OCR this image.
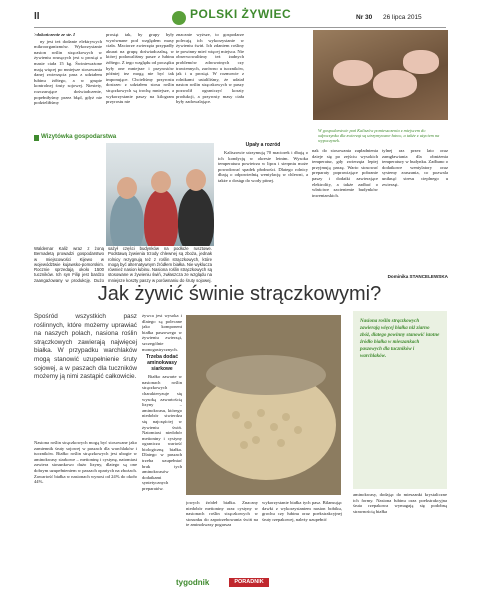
II	POLSKI ŻYWIEC	Nr 30 26 lipca 2015

>dokończenie ze str. I

ny jest też dodanie elektrywych mikroorganizmów. Wykorzystanie nasion roślin strączkowych w żywieniu rosnących jest u prosiąt o masie ciała 15 kg. Świnieważone mają więcej po mniejsze stosowania danej zwierzęcia pasz z udziałem łubinu żółtego, a w grupie kontrolnej śruty sojowej. Niestety, rozczarujące doświadczenie, popełniłyśmy przez błąd, gdyż nie podzieliłiśmy

Wizytówka gospodarstwa

Waldemar Kaliż wraz z żoną Bernadetą prowadzi gospodarstwo w miejscowości Kijewo w województwie kujawsko-pomorskim. Rocznie sprzedają około 1500 tuczników. Ich syn Filip jest bardzo zaangażowany w produkcję. Dużo

sażył części budynków na podłoże rusztowe. Podstawą żywienia trzody chlewnej są zboża, jednak rolnicy rezygnują też z roślin strączkowych, które mogą być alternatywnym źródłem białka. Nie wyklucza również nasion łubinu. Nasiona roślin strączkowych są stosowane w żywieniu świń, zwłaszcza ze wzglądu na mniejsze koszty paszy w porównaniu do śruty sojowej.

prosiąt tak, by grupy były wyrównane pod względem masy ciała. Maciorze zwierzęta przypadły akurat na grupę doświadczalną, w której podawaliśmy pasze z łubinu żółtego. Z tego względu od początku były one mniejsze i przyrostów później tez mogą nie być tak imponujące. Chcieliśmy przyrostu dostrzec z udziałem stosu roślin strączkowych są trochę mniejsze, a wykorzystanie paszy na kilogram przyrostu nie

znacznie wyższe, to gospodarze polecają ich wykorzystanie w żywieniu świń. Ich zdaniem rośliny te powinny mieć więcej miejsca. Nie obserwowaliśmy też żadnych problemów zdrowotnych czy trawiennych, zarówno u tuczników, jak i u prosiąt. W rozmowie z rolnikami ustaliliśmy, że udział nasion roślin strączkowych w paszy pozwolił ograniczyć koszty produkcji, a przyrosty masy ciała były zadowalające.

Upały a rozród

Kaliszowie utrzymują 70 maciorek i dbają o ich kondycję w okresie letnim. Wysoka temperatura powietrza w lipcu i sierpniu może powodować spadek płodności. Dlatego rolnicy dbają o odpowiednią wentylację w chlewni, a także o dostęp do wody pitnej.

W gospodarstwie pań Kaliszów pomieszczenia z miejscem do odpoczynku dla zwierząt są utrzymywane łatwo, a także z użyciem na wypoczynek.

nak do stosowania zapładnienia dzieje się po zejściu wysokich temperatur, gdy zwierzęta lepiej przyjmują paszę. Warto stosować preparaty poprawiające pobranie paszy i dodatki zawierające elektrolity, a także zadbać o właściwe zacienienie budynków inwentarskich.

tylnej raz przez lato oraz zamgławiania dla obniżenia temperatury w budynku. Zadbano o dodatkowe wentylatory oraz systemy zraszania, co pozwala uniknąć stresu cieplnego u zwierząt.

Dominika STANCELEWSKA
Jak żywić świnie strączkowymi?
Spośród wszystkich pasz roślinnych, które możemy uprawiać na naszych polach, nasiona roślin strączkowych zawierają najwięcej białka. W przypadku warchlaków mogą stanowić uzupełnienie śruty sojowej, a w paszach dla tuczników możemy ją nimi zastąpić całkowicie.

Nasiona roślin strączkowych mogą być stosowane jako zamiennik śruty sojowej w paszach dla warchlaków i tuczników. Białko roślin strączkowych jest ubogie w aminokwasy siarkowe – metioninę i cystynę, natomiast zawiera stosunkowo dużo lizyny, dlatego są one dobrym uzupełnieniem w paszach opartych na zbożach. Zawartość białka w nasionach wynosi od 24% do około 44%.

żywca jest wysoka i dlatego są polecane jako komponent białka paszowego w żywieniu zwierząt, szczególnie monogastrycznych.

Trzeba dodać aminokwasy siarkowe

Białko zawarte w nasionach roślin strączkowych charakteryzuje się wysoką zawartością lizyny – aminokwasu, którego niedobór stwierdza się najczęściej w żywieniu świń. Natomiast niedobór metioniny i cystyny ogranicza wartość biologiczną białka. Dlatego w paszach trzeba uzupełniać brak tych aminokwasów dodatkami syntetycznych preparatów.

Nasiona roślin strączkowych zawierają więcej białka niż ziarno zbóż, dlatego powinny stanowić istotne źródło białka w mieszankach paszowych dla tuczników i warchlaków.

jowych źródeł białka. Znaczny niedobór metioniny oraz cystyny w nasionach roślin strączkowych w stosunku do zapotrzebowania świń na te aminokwasy pogarsza

wykorzystanie białka tych pasz. Bilansując dawki z wykorzystaniem nasion bobiku, grochu czy łubinu oraz poekstrakcyjnej śruty rzepakowej, należy uzupełnić

aminokwasy, dodając do mieszanki krystaliczne ich formy. Nasiona łubinu oraz poekstrakcyjna śruta rzepakowa wymagają się podobną strawnością białka

tygodnik	PORADNIK
